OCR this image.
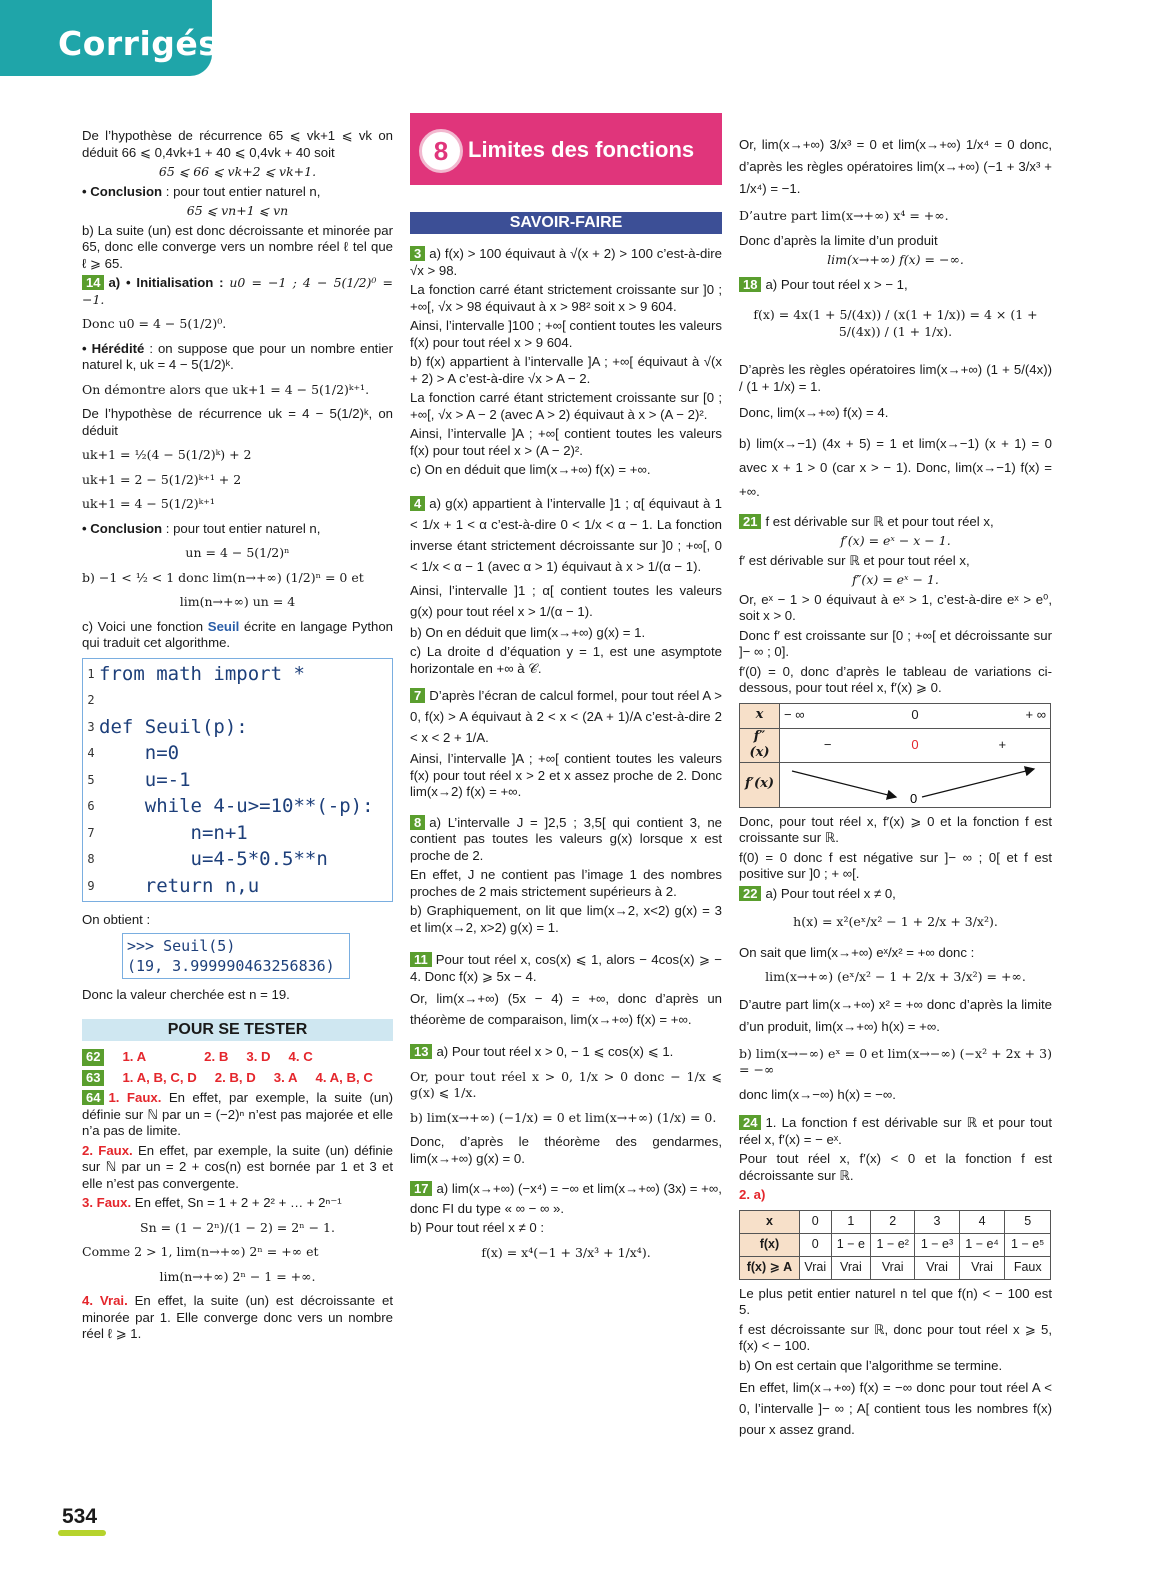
Corrigés

De l’hypothèse de récurrence 65 ⩽ vk+1 ⩽ vk on déduit 66 ⩽ 0,4vk+1 + 40 ⩽ 0,4vk + 40 soit

65 ⩽ 66 ⩽ vk+2 ⩽ vk+1.

• Conclusion : pour tout entier naturel n,

65 ⩽ vn+1 ⩽ vn

b) La suite (un) est donc décroissante et minorée par 65, donc elle converge vers un nombre réel ℓ tel que ℓ ⩾ 65.

14 a) • Initialisation : u0 = −1 ; 4 − 5(1/2)⁰ = −1.

Donc u0 = 4 − 5(1/2)⁰.

• Hérédité : on suppose que pour un nombre entier naturel k, uk = 4 − 5(1/2)ᵏ.

On démontre alors que uk+1 = 4 − 5(1/2)ᵏ⁺¹.

De l’hypothèse de récurrence uk = 4 − 5(1/2)ᵏ, on déduit

uk+1 = ½(4 − 5(1/2)ᵏ) + 2

uk+1 = 2 − 5(1/2)ᵏ⁺¹ + 2

uk+1 = 4 − 5(1/2)ᵏ⁺¹

• Conclusion : pour tout entier naturel n,

un = 4 − 5(1/2)ⁿ

b) −1 < ½ < 1 donc lim(n→+∞) (1/2)ⁿ = 0 et

lim(n→+∞) un = 4

c) Voici une fonction Seuil écrite en langage Python qui traduit cet algorithme.

1 from math import *
2
3 def Seuil(p):
4 n=0
5 u=-1
6 while 4-u>=10**(-p):
7 n=n+1
8 u=4-5*0.5**n
9 return n,u

On obtient :

>>> Seuil(5)
(19, 3.999990463256836)

Donc la valeur cherchée est n = 19.

POUR SE TESTER
62	1. A	2. B 3. D 4. C
63	1. A, B, C, D 2. B, D 3. A 4. A, B, C

64 1. Faux. En effet, par exemple, la suite (un) définie sur ℕ par un = (−2)ⁿ n’est pas majorée et elle n’a pas de limite.

2. Faux. En effet, par exemple, la suite (un) définie sur ℕ par un = 2 + cos(n) est bornée par 1 et 3 et elle n’est pas convergente.

3. Faux. En effet, Sn = 1 + 2 + 2² + … + 2ⁿ⁻¹

Sn = (1 − 2ⁿ)/(1 − 2) = 2ⁿ − 1.

Comme 2 > 1, lim(n→+∞) 2ⁿ = +∞ et

lim(n→+∞) 2ⁿ − 1 = +∞.

4. Vrai. En effet, la suite (un) est décroissante et minorée par 1. Elle converge donc vers un nombre réel ℓ ⩾ 1.

8 Limites des fonctions
SAVOIR-FAIRE

3 a) f(x) > 100 équivaut à √(x + 2) > 100 c’est-à-dire √x > 98.

La fonction carré étant strictement croissante sur ]0 ; +∞[, √x > 98 équivaut à x > 98² soit x > 9 604.

Ainsi, l’intervalle ]100 ; +∞[ contient toutes les valeurs f(x) pour tout réel x > 9 604.

b) f(x) appartient à l’intervalle ]A ; +∞[ équivaut à √(x + 2) > A c’est-à-dire √x > A − 2.

La fonction carré étant strictement croissante sur [0 ; +∞[, √x > A − 2 (avec A > 2) équivaut à x > (A − 2)².

Ainsi, l’intervalle ]A ; +∞[ contient toutes les valeurs f(x) pour tout réel x > (A − 2)².

c) On en déduit que lim(x→+∞) f(x) = +∞.

4 a) g(x) appartient à l’intervalle ]1 ; α[ équivaut à 1 < 1/x + 1 < α c’est-à-dire 0 < 1/x < α − 1. La fonction inverse étant strictement décroissante sur ]0 ; +∞[, 0 < 1/x < α − 1 (avec α > 1) équivaut à x > 1/(α − 1).

Ainsi, l’intervalle ]1 ; α[ contient toutes les valeurs g(x) pour tout réel x > 1/(α − 1).

b) On en déduit que lim(x→+∞) g(x) = 1.

c) La droite d d’équation y = 1, est une asymptote horizontale en +∞ à 𝒞.

7 D’après l’écran de calcul formel, pour tout réel A > 0, f(x) > A équivaut à 2 < x < (2A + 1)/A c’est-à-dire 2 < x < 2 + 1/A.

Ainsi, l’intervalle ]A ; +∞[ contient toutes les valeurs f(x) pour tout réel x > 2 et x assez proche de 2. Donc lim(x→2) f(x) = +∞.

8 a) L’intervalle J = ]2,5 ; 3,5[ qui contient 3, ne contient pas toutes les valeurs g(x) lorsque x est proche de 2.

En effet, J ne contient pas l’image 1 des nombres proches de 2 mais strictement supérieurs à 2.

b) Graphiquement, on lit que lim(x→2, x<2) g(x) = 3 et lim(x→2, x>2) g(x) = 1.

11 Pour tout réel x, cos(x) ⩽ 1, alors − 4cos(x) ⩾ − 4. Donc f(x) ⩾ 5x − 4.

Or, lim(x→+∞) (5x − 4) = +∞, donc d’après un théorème de comparaison, lim(x→+∞) f(x) = +∞.

13 a) Pour tout réel x > 0, − 1 ⩽ cos(x) ⩽ 1.

Or, pour tout réel x > 0, 1/x > 0 donc − 1/x ⩽ g(x) ⩽ 1/x.

b) lim(x→+∞) (−1/x) = 0 et lim(x→+∞) (1/x) = 0.

Donc, d’après le théorème des gendarmes, lim(x→+∞) g(x) = 0.

17 a) lim(x→+∞) (−x⁴) = −∞ et lim(x→+∞) (3x) = +∞,

donc FI du type « ∞ − ∞ ».

b) Pour tout réel x ≠ 0 :

f(x) = x⁴(−1 + 3/x³ + 1/x⁴).

Or, lim(x→+∞) 3/x³ = 0 et lim(x→+∞) 1/x⁴ = 0 donc, d’après les règles opératoires lim(x→+∞) (−1 + 3/x³ + 1/x⁴) = −1.

D’autre part lim(x→+∞) x⁴ = +∞.

Donc d’après la limite d’un produit

lim(x→+∞) f(x) = −∞.

18 a) Pour tout réel x > − 1,

f(x) = 4x(1 + 5/(4x)) / (x(1 + 1/x)) = 4 × (1 + 5/(4x)) / (1 + 1/x).

D’après les règles opératoires lim(x→+∞) (1 + 5/(4x)) / (1 + 1/x) = 1.

Donc, lim(x→+∞) f(x) = 4.

b) lim(x→−1) (4x + 5) = 1 et lim(x→−1) (x + 1) = 0 avec x + 1 > 0 (car x > − 1). Donc, lim(x→−1) f(x) = +∞.

21 f est dérivable sur ℝ et pour tout réel x,

f′(x) = eˣ − x − 1.

f′ est dérivable sur ℝ et pour tout réel x,

f″(x) = eˣ − 1.

Or, eˣ − 1 > 0 équivaut à eˣ > 1, c’est-à-dire eˣ > e⁰, soit x > 0.

Donc f′ est croissante sur [0 ; +∞[ et décroissante sur ]− ∞ ; 0].

f′(0) = 0, donc d’après le tableau de variations ci-dessous, pour tout réel x, f′(x) ⩾ 0.

x	− ∞ 0 + ∞

f″(x)	− 0 +

f′(x)	0

Donc, pour tout réel x, f′(x) ⩾ 0 et la fonction f est croissante sur ℝ.

f(0) = 0 donc f est négative sur ]− ∞ ; 0[ et f est positive sur ]0 ; + ∞[.

22 a) Pour tout réel x ≠ 0,

h(x) = x²(eˣ/x² − 1 + 2/x + 3/x²).

On sait que lim(x→+∞) eˣ/x² = +∞ donc :

lim(x→+∞) (eˣ/x² − 1 + 2/x + 3/x²) = +∞.

D’autre part lim(x→+∞) x² = +∞ donc d’après la limite d’un produit, lim(x→+∞) h(x) = +∞.

b) lim(x→−∞) eˣ = 0 et lim(x→−∞) (−x² + 2x + 3) = −∞

donc lim(x→−∞) h(x) = −∞.

24 1. La fonction f est dérivable sur ℝ et pour tout réel x, f′(x) = − eˣ.

Pour tout réel x, f′(x) < 0 et la fonction f est décroissante sur ℝ.

2. a)

x	0	1	2	3	4	5
f(x)	0	1 − e	1 − e²	1 − e³	1 − e⁴	1 − e⁵
f(x) ⩾ A	Vrai	Vrai	Vrai	Vrai	Vrai	Faux

Le plus petit entier naturel n tel que f(n) < − 100 est 5.

f est décroissante sur ℝ, donc pour tout réel x ⩾ 5, f(x) < − 100.

b) On est certain que l’algorithme se termine.

En effet, lim(x→+∞) f(x) = −∞ donc pour tout réel A < 0, l’intervalle ]− ∞ ; A[ contient tous les nombres f(x) pour x assez grand.

534
